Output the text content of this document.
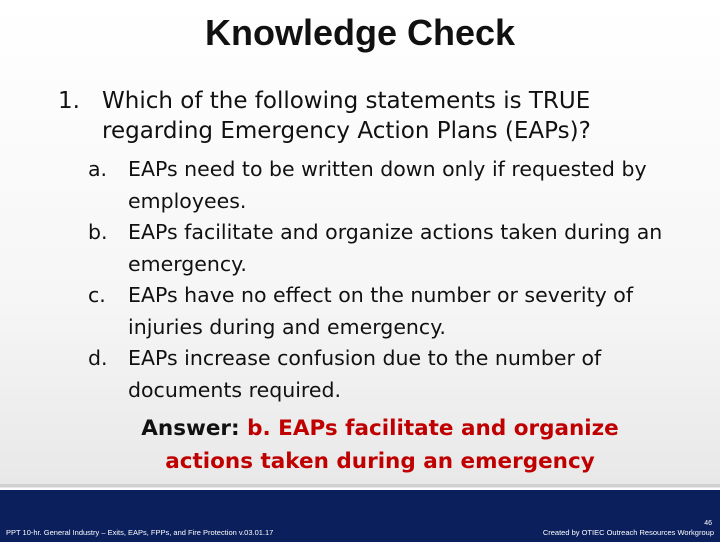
Knowledge Check
1. Which of the following statements is TRUE regarding Emergency Action Plans (EAPs)?
a.	EAPs need to be written down only if requested by employees.
b. EAPs facilitate and organize actions taken during an emergency.
c.	EAPs have no effect on the number or severity of injuries during and emergency.
d. EAPs increase confusion due to the number of documents required.
Answer: b. EAPs facilitate and organize actions taken during an emergency
46
PPT 10-hr. General Industry – Exits, EAPs, FPPs, and Fire Protection v.03.01.17	Created by OTIEC Outreach Resources Workgroup
